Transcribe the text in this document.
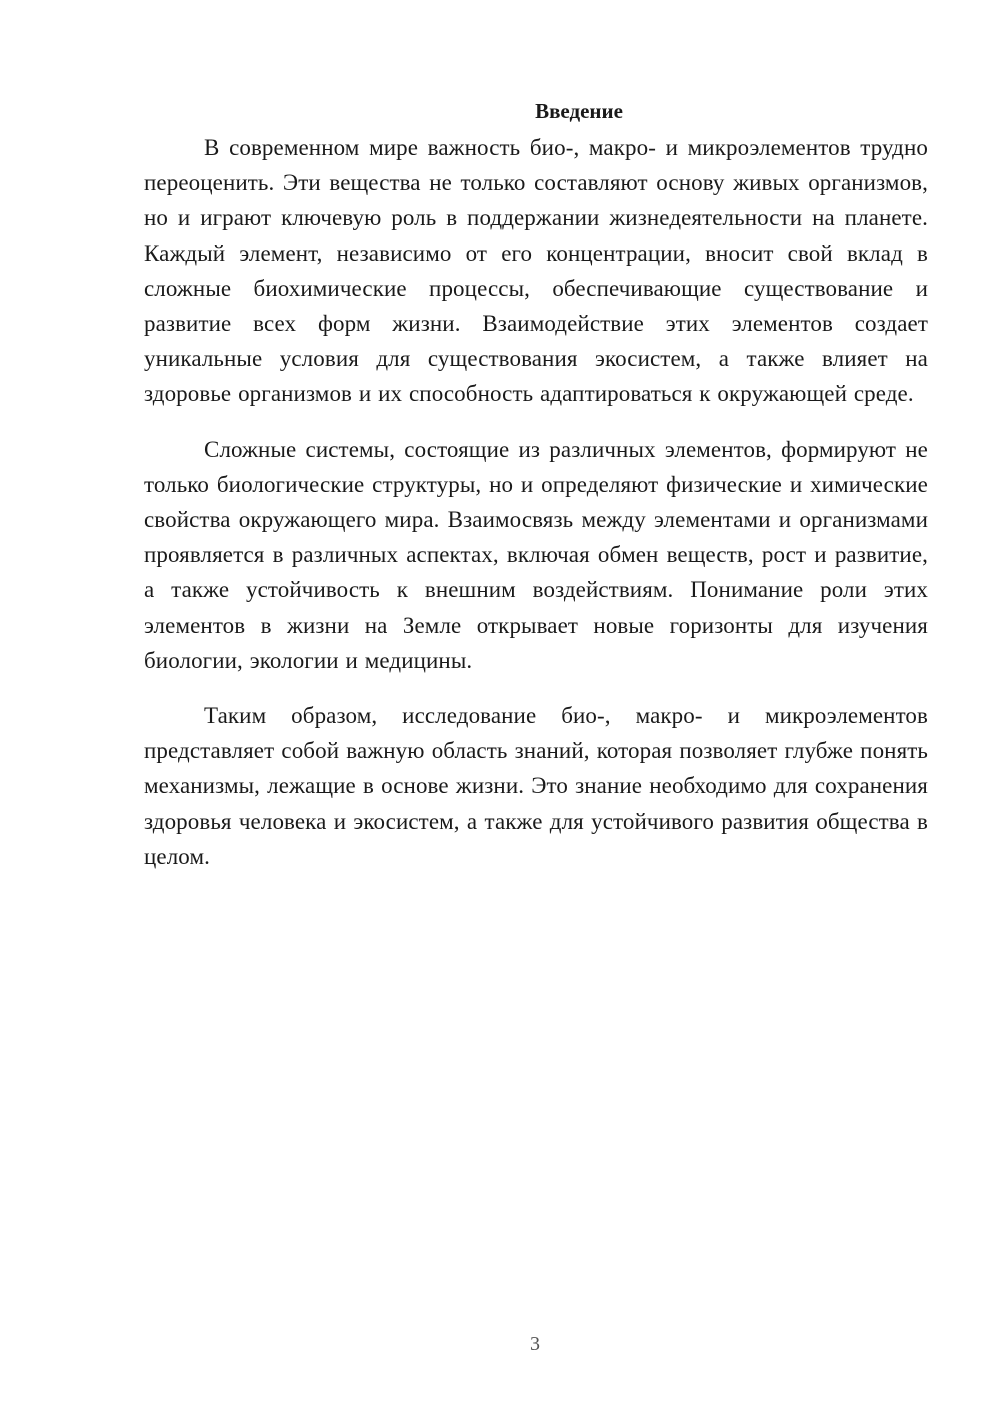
Введение

В современном мире важность био-, макро- и микроэлементов трудно переоценить. Эти вещества не только составляют основу живых организмов, но и играют ключевую роль в поддержании жизнедеятельности на планете. Каждый элемент, независимо от его концентрации, вносит свой вклад в сложные биохимические процессы, обеспечивающие существование и развитие всех форм жизни. Взаимодействие этих элементов создает уникальные условия для существования экосистем, а также влияет на здоровье организмов и их способность адаптироваться к окружающей среде.

Сложные системы, состоящие из различных элементов, формируют не только биологические структуры, но и определяют физические и химические свойства окружающего мира. Взаимосвязь между элементами и организмами проявляется в различных аспектах, включая обмен веществ, рост и развитие, а также устойчивость к внешним воздействиям. Понимание роли этих элементов в жизни на Земле открывает новые горизонты для изучения биологии, экологии и медицины.

Таким образом, исследование био-, макро- и микроэлементов представляет собой важную область знаний, которая позволяет глубже понять механизмы, лежащие в основе жизни. Это знание необходимо для сохранения здоровья человека и экосистем, а также для устойчивого развития общества в целом.

3
